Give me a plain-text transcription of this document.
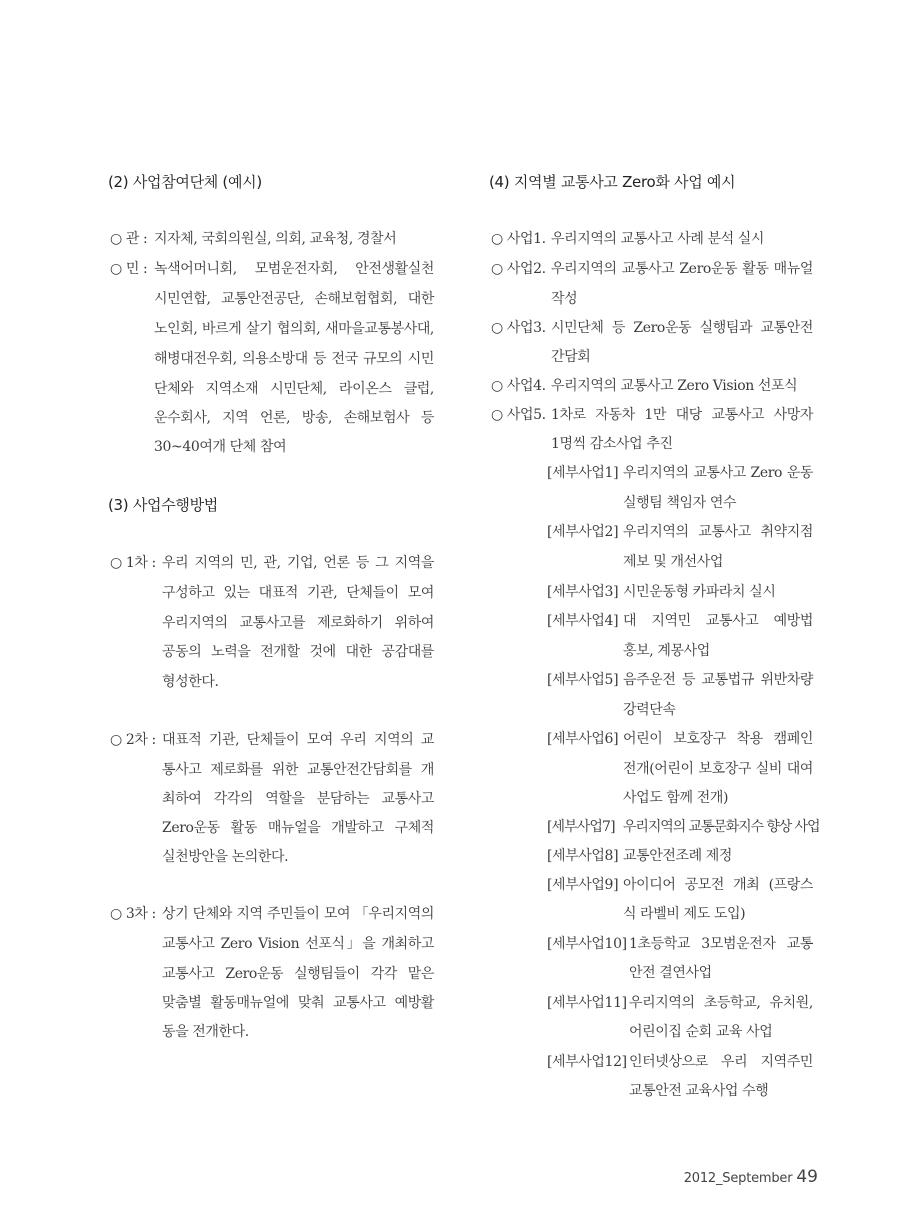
(2) 사업참여단체 (예시)
○ 관 : 지자체, 국회의원실, 의회, 교육청, 경찰서
○ 민 : 녹색어머니회, 모범운전자회, 안전생활실천
시민연합, 교통안전공단, 손해보험협회, 대한
노인회, 바르게 살기 협의회, 새마을교통봉사대,
해병대전우회, 의용소방대 등 전국 규모의 시민
단체와 지역소재 시민단체, 라이온스 클럽,
운수회사, 지역 언론, 방송, 손해보험사 등
30~40여개 단체 참여
(3) 사업수행방법
○ 1차 : 우리 지역의 민, 관, 기업, 언론 등 그 지역을
구성하고 있는 대표적 기관, 단체들이 모여
우리지역의 교통사고를 제로화하기 위하여
공동의 노력을 전개할 것에 대한 공감대를
형성한다.
○ 2차 : 대표적 기관, 단체들이 모여 우리 지역의 교
통사고 제로화를 위한 교통안전간담회를 개
최하여 각각의 역할을 분담하는 교통사고
Zero운동 활동 매뉴얼을 개발하고 구체적
실천방안을 논의한다.
○ 3차 : 상기 단체와 지역 주민들이 모여 「우리지역의
교통사고 Zero Vision 선포식」을 개최하고
교통사고 Zero운동 실행팀들이 각각 맡은
맞춤별 활동매뉴얼에 맞춰 교통사고 예방활
동을 전개한다.
(4) 지역별 교통사고 Zero화 사업 예시
○ 사업1. 우리지역의 교통사고 사례 분석 실시
○ 사업2. 우리지역의 교통사고 Zero운동 활동 매뉴얼
작성
○ 사업3. 시민단체 등 Zero운동 실행팀과 교통안전
간담회
○ 사업4. 우리지역의 교통사고 Zero Vision 선포식
○ 사업5. 1차로 자동차 1만 대당 교통사고 사망자
1명씩 감소사업 추진
[세부사업1] 우리지역의 교통사고 Zero 운동
실행팀 책임자 연수
[세부사업2] 우리지역의 교통사고 취약지점
제보 및 개선사업
[세부사업3] 시민운동형 카파라치 실시
[세부사업4] 대 지역민 교통사고 예방법
홍보, 계몽사업
[세부사업5] 음주운전 등 교통법규 위반차량
강력단속
[세부사업6] 어린이 보호장구 착용 캠페인
전개(어린이 보호장구 실비 대여
사업도 함께 전개)
[세부사업7] 우리지역의 교통문화지수 향상 사업
[세부사업8] 교통안전조례 제정
[세부사업9] 아이디어 공모전 개최 (프랑스
식 라벨비 제도 도입)
[세부사업10] 1초등학교 3모범운전자 교통
안전 결연사업
[세부사업11] 우리지역의 초등학교, 유치원,
어린이집 순회 교육 사업
[세부사업12] 인터넷상으로 우리 지역주민
교통안전 교육사업 수행
2012_September 49
